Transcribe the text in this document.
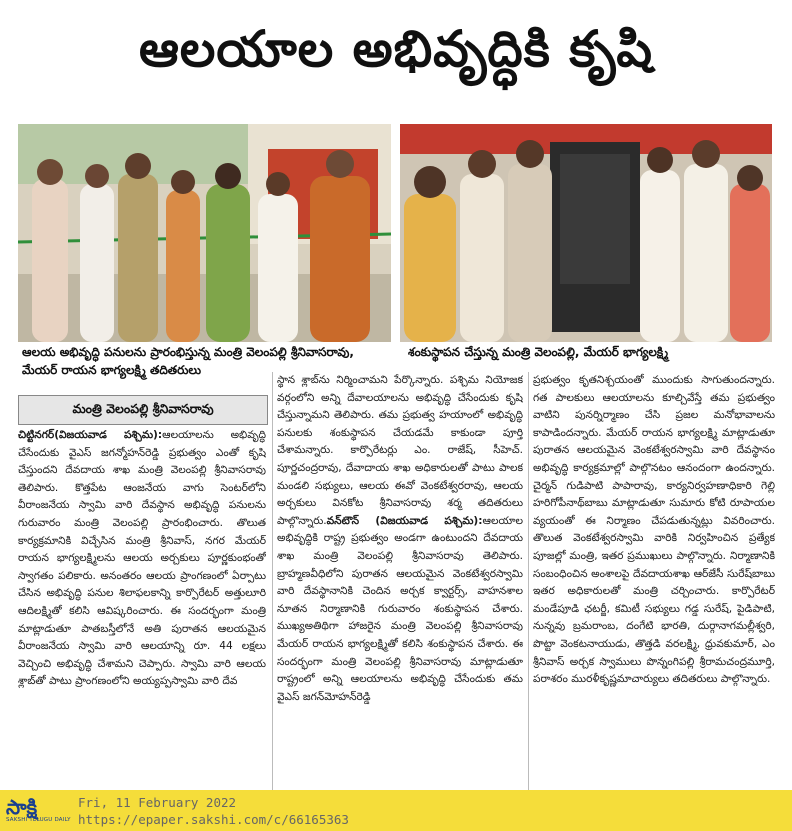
ఆలయాల అభివృద్ధికి కృషి
ఆలయ అభివృద్ధి పనులను ప్రారంభిస్తున్న మంత్రి వెలంపల్లి శ్రీనివాసరావు,
మేయర్ రాయన భాగ్యలక్ష్మి తదితరులు
శంకుస్థాపన చేస్తున్న మంత్రి వెలంపల్లి, మేయర్ భాగ్యలక్ష్మి
మంత్రి వెలంపల్లి శ్రీనివాసరావు

చిట్టినగర్(విజయవాడ పశ్చిమ):ఆలయాలను అభివృద్ధి చేసేందుకు వైఎస్ జగన్మోహన్‌రెడ్డి ప్రభుత్వం ఎంతో కృషి చేస్తుందని దేవదాయ శాఖ మంత్రి వెలంపల్లి శ్రీనివాసరావు తెలిపారు. కొత్తపేట ఆంజనేయ వాగు సెంటర్‌లోని వీరాంజనేయ స్వామి వారి దేవస్థాన అభివృద్ధి పనులను గురువారం మంత్రి వెలంపల్లి ప్రారంభించారు. తొలుత కార్యక్రమానికి విచ్చేసిన మంత్రి శ్రీనివాస్, నగర మేయర్ రాయన భాగ్యలక్ష్మిలను ఆలయ అర్చకులు పూర్ణకుంభంతో స్వాగతం పలికారు. అనంతరం ఆలయ ప్రాంగణంలో ఏర్పాటు చేసిన అభివృద్ధి పనుల శిలాఫలకాన్ని కార్పొరేటర్ అత్తులూరి ఆదిలక్ష్మితో కలిసి ఆవిష్కరించారు. ఈ సందర్భంగా మంత్రి మాట్లాడుతూ పాతబస్తీలోనే అతి పురాతన ఆలయమైన వీరాంజనేయ స్వామి వారి ఆలయాన్ని రూ. 44 లక్షలు వెచ్చించి అభివృద్ధి చేశామని చెప్పారు. స్వామి వారి ఆలయ శ్లాబ్‌తో పాటు ప్రాంగణంలోని అయ్యప్పస్వామి వారి దేవ

స్థాన శ్లాబ్‌ను నిర్మించామని పేర్కొన్నారు. పశ్చిమ నియోజక వర్గంలోని అన్ని దేవాలయాలను అభివృద్ధి చేసేందుకు కృషి చేస్తున్నామని తెలిపారు. తమ ప్రభుత్వ హయాంలో అభివృద్ధి పనులకు శంకుస్థాపన చేయడమే కాకుండా పూర్తి చేశామన్నారు. కార్పొరేటర్లు ఎం. రాజేష్, సీహెచ్. పూర్ణచంద్రరావు, దేవాదాయ శాఖ అధికారులతో పాటు పాలక మండలి సభ్యులు, ఆలయ ఈవో వెంకటేశ్వరరావు, ఆలయ అర్చకులు వినకోట శ్రీనివాసరావు శర్మ తదితరులు పాల్గొన్నారు.వన్‌టౌన్ (విజయవాడ పశ్చిమ):ఆలయాల అభివృద్ధికి రాష్ట్ర ప్రభుత్వం అండగా ఉంటుందని దేవదాయ శాఖ మంత్రి వెలంపల్లి శ్రీనివాసరావు తెలిపారు. బ్రాహ్మణవీధిలోని పురాతన ఆలయమైన వెంకటేశ్వరస్వామి వారి దేవస్థానానికి చెందిన అర్చక క్వార్టర్స్, వాహనశాల నూతన నిర్మాణానికి గురువారం శంకుస్థాపన చేశారు. ముఖ్యఅతిథిగా హాజరైన మంత్రి వెలంపల్లి శ్రీనివాసరావు మేయర్ రాయన భాగ్యలక్ష్మితో కలిసి శంకుస్థాపన చేశారు. ఈ సందర్భంగా మంత్రి వెలంపల్లి శ్రీనివాసరావు మాట్లాడుతూ రాష్ట్రంలో అన్ని ఆలయాలను అభివృద్ధి చేసేందుకు తమ వైఎస్ జగన్‌మోహన్‌రెడ్డి

ప్రభుత్వం కృతనిశ్చయంతో ముందుకు సాగుతుందన్నారు. గత పాలకులు ఆలయాలను కూల్చివేస్తే తమ ప్రభుత్వం వాటిని పునర్నిర్మాణం చేసి ప్రజల మనోభావాలను కాపాడిందన్నారు. మేయర్ రాయన భాగ్యలక్ష్మి మాట్లాడుతూ పురాతన ఆలయమైన వెంకటేశ్వరస్వామి వారి దేవస్థానం అభివృద్ధి కార్యక్రమాల్లో పాల్గొనటం ఆనందంగా ఉందన్నారు. చైర్మన్ గుడిపాటి పాపారావు, కార్యనిర్వహణాధికారి గెల్లి హరిగోపీనాథ్‌బాబు మాట్లాడుతూ సుమారు కోటి రూపాయల వ్యయంతో ఈ నిర్మాణం చేపడుతున్నట్లు వివరించారు. తొలుత వెంకటేశ్వరస్వామి వారికి నిర్వహించిన ప్రత్యేక పూజల్లో మంత్రి, ఇతర ప్రముఖులు పాల్గొన్నారు. నిర్మాణానికి సంబంధించిన అంశాలపై దేవదాయశాఖ ఆర్‌జేసీ సురేష్‌బాబు ఇతర అధికారులతో మంత్రి చర్చించారు. కార్పొరేటర్ మండేపూడి ఛటర్జీ, కమిటీ సభ్యులు గడ్డ సురేష్, పైడిపాటి, నున్నవు బ్రమరాంబ, దంగేటి భారతి, దుర్గానాగమల్లీశ్వరి, పొట్టా వెంకటనాయుడు, తొత్తడి వరలక్ష్మి, ధ్రువకుమార్, ఎం శ్రీనివాస్ అర్చక స్వాములు పొన్నంగిపల్లి శ్రీరామచంద్రమూర్తి, పరాశరం మురళీకృష్ణమాచార్యులు తదితరులు పాల్గొన్నారు.

సాక్షి
SAKSHI TELUGU DAILY
Fri, 11 February 2022
https://epaper.sakshi.com/c/66165363
